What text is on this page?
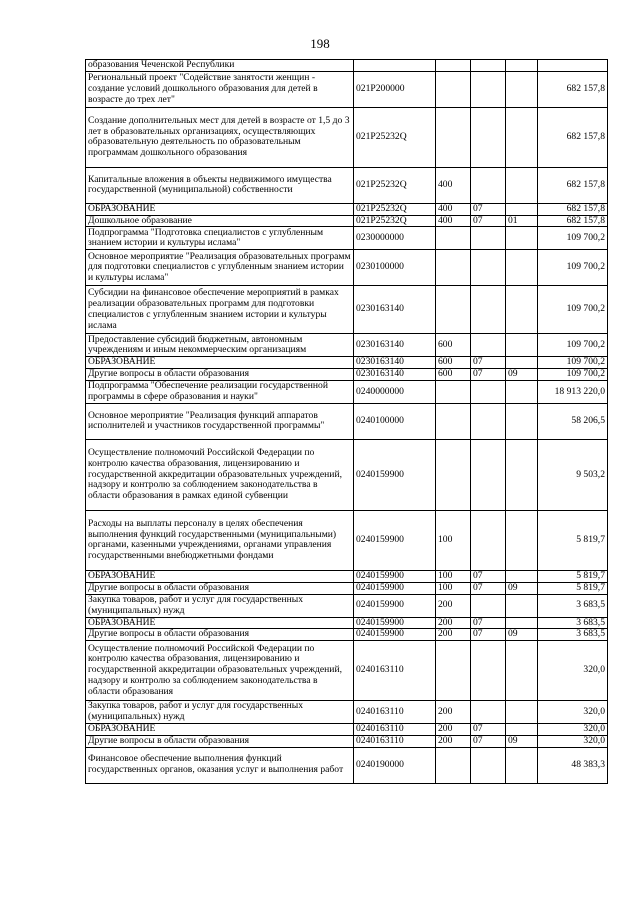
198
образования Чеченской Республики					
Региональный проект "Содействие занятости женщин - создание условий дошкольного образования для детей в возрасте до трех лет"	021P200000				682 157,8
Создание дополнительных мест для детей в возрасте от 1,5 до 3 лет в образовательных организациях, осуществляющих образовательную деятельность по образовательным программам дошкольного образования	021P25232Q				682 157,8
Капитальные вложения в объекты недвижимого имущества государственной (муниципальной) собственности	021P25232Q	400			682 157,8
ОБРАЗОВАНИЕ	021P25232Q	400	07		682 157,8
Дошкольное образование	021P25232Q	400	07	01	682 157,8
Подпрограмма "Подготовка специалистов с углубленным знанием истории и культуры ислама"	0230000000				109 700,2
Основное мероприятие "Реализация образовательных программ для подготовки специалистов с углубленным знанием истории и культуры ислама"	0230100000				109 700,2
Субсидии на финансовое обеспечение мероприятий в рамках реализации образовательных программ для подготовки специалистов с углубленным знанием истории и культуры ислама	0230163140				109 700,2
Предоставление субсидий бюджетным, автономным учреждениям и иным некоммерческим организациям	0230163140	600			109 700,2
ОБРАЗОВАНИЕ	0230163140	600	07		109 700,2
Другие вопросы в области образования	0230163140	600	07	09	109 700,2
Подпрограмма "Обеспечение реализации государственной программы в сфере образования и науки"	0240000000				18 913 220,0
Основное мероприятие "Реализация функций аппаратов исполнителей и участников государственной программы"	0240100000				58 206,5
Осуществление полномочий Российской Федерации по контролю качества образования, лицензированию и государственной аккредитации образовательных учреждений, надзору и контролю за соблюдением законодательства в области образования в рамках единой субвенции	0240159900				9 503,2
Расходы на выплаты персоналу в целях обеспечения выполнения функций государственными (муниципальными) органами, казенными учреждениями, органами управления государственными внебюджетными фондами	0240159900	100			5 819,7
ОБРАЗОВАНИЕ	0240159900	100	07		5 819,7
Другие вопросы в области образования	0240159900	100	07	09	5 819,7
Закупка товаров, работ и услуг для государственных (муниципальных) нужд	0240159900	200			3 683,5
ОБРАЗОВАНИЕ	0240159900	200	07		3 683,5
Другие вопросы в области образования	0240159900	200	07	09	3 683,5
Осуществление полномочий Российской Федерации по контролю качества образования, лицензированию и государственной аккредитации образовательных учреждений, надзору и контролю за соблюдением законодательства в области образования	0240163110				320,0
Закупка товаров, работ и услуг для государственных (муниципальных) нужд	0240163110	200			320,0
ОБРАЗОВАНИЕ	0240163110	200	07		320,0
Другие вопросы в области образования	0240163110	200	07	09	320,0
Финансовое обеспечение выполнения функций государственных органов, оказания услуг и выполнения работ	0240190000				48 383,3
